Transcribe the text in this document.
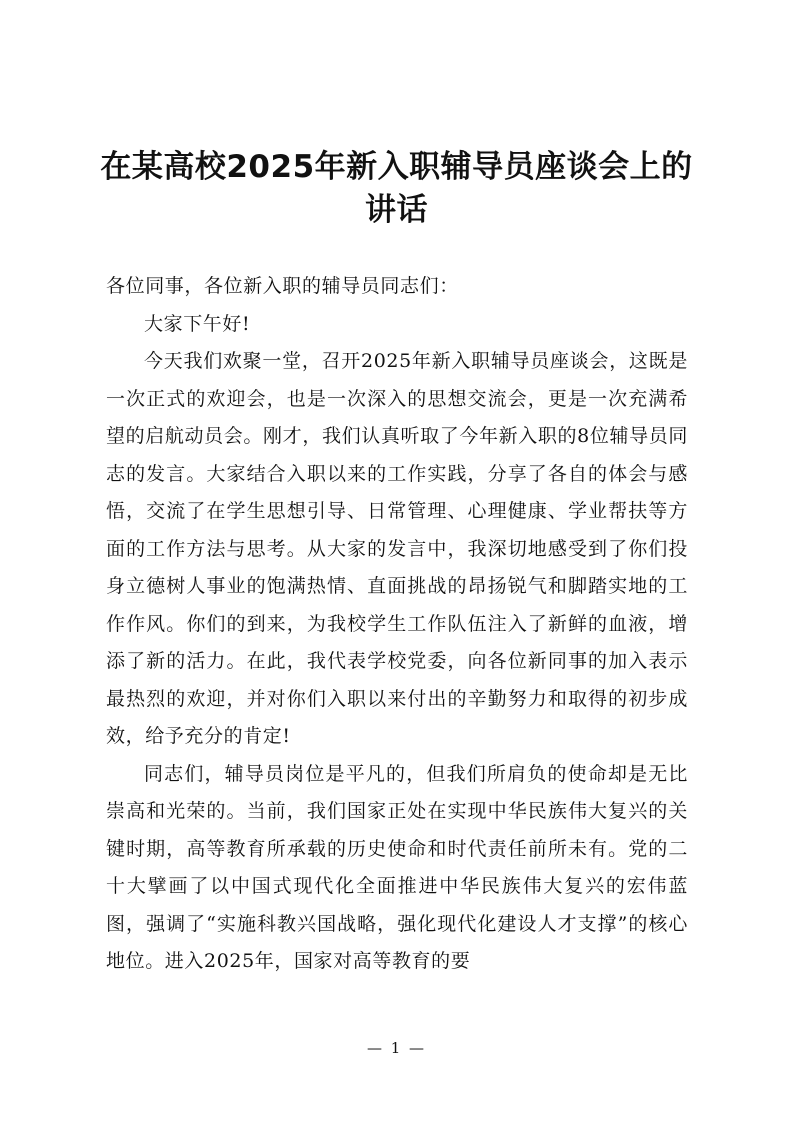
在某高校2025年新入职辅导员座谈会上的讲话

各位同事，各位新入职的辅导员同志们：

大家下午好!

今天我们欢聚一堂，召开2025年新入职辅导员座谈会，这既是一次正式的欢迎会，也是一次深入的思想交流会，更是一次充满希望的启航动员会。刚才，我们认真听取了今年新入职的8位辅导员同志的发言。大家结合入职以来的工作实践，分享了各自的体会与感悟，交流了在学生思想引导、日常管理、心理健康、学业帮扶等方面的工作方法与思考。从大家的发言中，我深切地感受到了你们投身立德树人事业的饱满热情、直面挑战的昂扬锐气和脚踏实地的工作作风。你们的到来，为我校学生工作队伍注入了新鲜的血液，增添了新的活力。在此，我代表学校党委，向各位新同事的加入表示最热烈的欢迎，并对你们入职以来付出的辛勤努力和取得的初步成效，给予充分的肯定!

同志们，辅导员岗位是平凡的，但我们所肩负的使命却是无比崇高和光荣的。当前，我们国家正处在实现中华民族伟大复兴的关键时期，高等教育所承载的历史使命和时代责任前所未有。党的二十大擘画了以中国式现代化全面推进中华民族伟大复兴的宏伟蓝图，强调了“实施科教兴国战略，强化现代化建设人才支撑”的核心地位。进入2025年，国家对高等教育的要

— 1 —
